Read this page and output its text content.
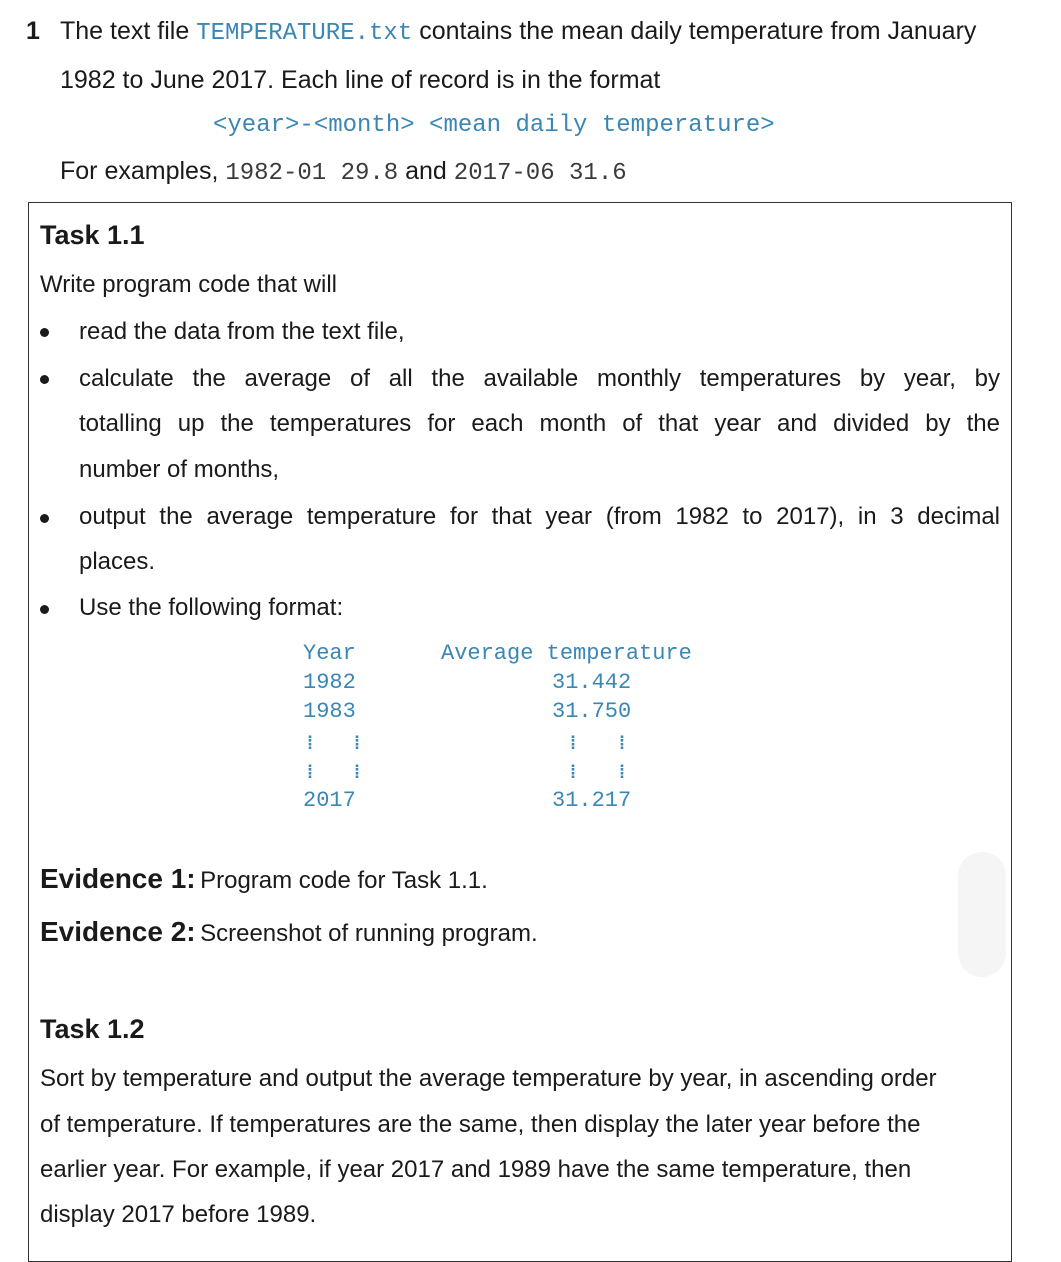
1 The text file TEMPERATURE.txt contains the mean daily temperature from January
1982 to June 2017. Each line of record is in the format
<year>-<month> <mean daily temperature>
For examples, 1982-01 29.8 and 2017-06 31.6
Task 1.1
Write program code that will
read the data from the text file,
calculate the average of all the available monthly temperatures by year, by
totalling up the temperatures for each month of that year and divided by the
number of months,
output the average temperature for that year (from 1982 to 2017), in 3 decimal
places.
Use the following format:
Year	Average temperature
1982	31.442
1983	31.750
⁞ ⁞	⁞ ⁞
⁞ ⁞	⁞ ⁞
2017	31.217
Evidence 1: Program code for Task 1.1.
Evidence 2: Screenshot of running program.
Task 1.2
Sort by temperature and output the average temperature by year, in ascending order
of temperature. If temperatures are the same, then display the later year before the
earlier year. For example, if year 2017 and 1989 have the same temperature, then
display 2017 before 1989.
